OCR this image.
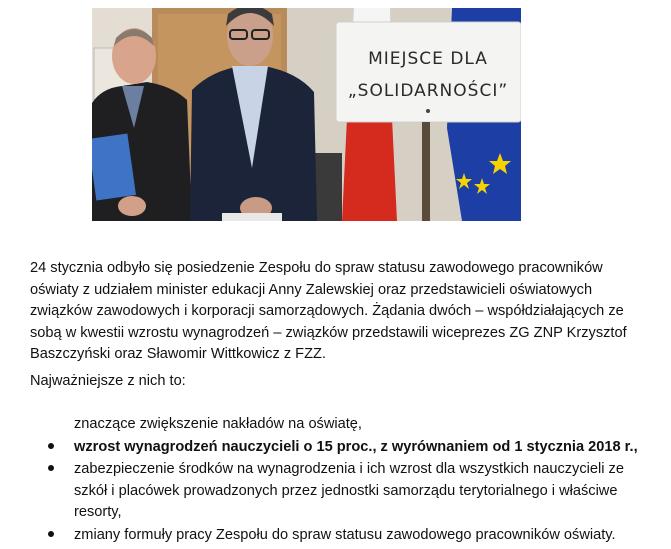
MIEJSCE DLA
„SOLIDARNOŚCI”

24 stycznia odbyło się posiedzenie Zespołu do spraw statusu zawodowego pracowników oświaty z udziałem minister edukacji Anny Zalewskiej oraz przedstawicieli oświatowych związków zawodowych i korporacji samorządowych. Żądania dwóch – współdziałających ze sobą w kwestii wzrostu wynagrodzeń – związków przedstawili wiceprezes ZG ZNP Krzysztof Baszczyński oraz Sławomir Wittkowicz z FZZ.

Najważniejsze z nich to:

znaczące zwiększenie nakładów na oświatę,
wzrost wynagrodzeń nauczycieli o 15 proc., z wyrównaniem od 1 stycznia 2018 r.,
zabezpieczenie środków na wynagrodzenia i ich wzrost dla wszystkich nauczycieli ze szkół i placówek prowadzonych przez jednostki samorządu terytorialnego i właściwe resorty,
zmiany formuły pracy Zespołu do spraw statusu zawodowego pracowników oświaty.
